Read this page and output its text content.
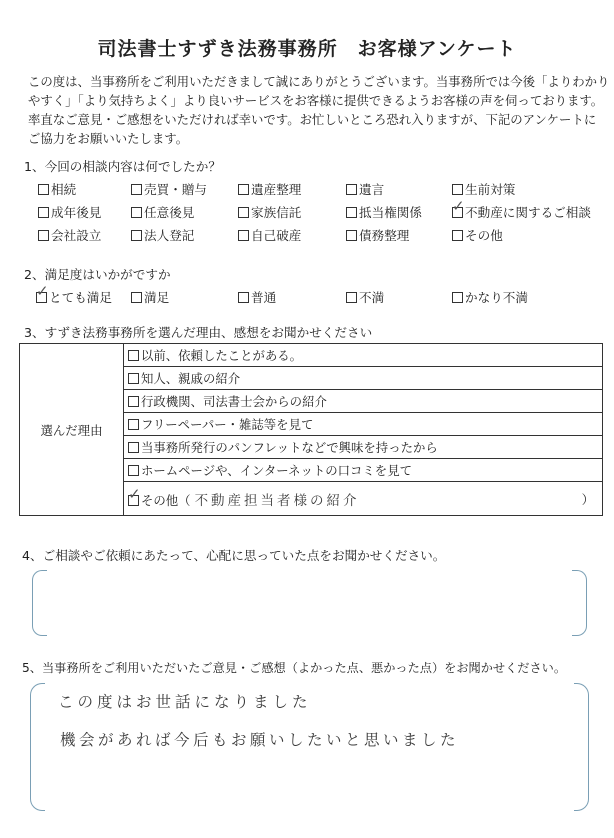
司法書士すずき法務事務所　お客様アンケート
この度は、当事務所をご利用いただきまして誠にありがとうございます。当事務所では今後「よりわかり
やすく」「より気持ちよく」より良いサービスをお客様に提供できるようお客様の声を伺っております。
率直なご意見・ご感想をいただければ幸いです。お忙しいところ恐れ入りますが、下記のアンケートに
ご協力をお願いいたします。
1、今回の相談内容は何でしたか？
相続	売買・贈与	遺産整理	遺言	生前対策
成年後見	任意後見	家族信託	抵当権関係 ✓ 不動産に関するご相談
会社設立	法人登記	自己破産	債務整理	その他
2、満足度はいかがですか
✓ とても満足	満足	普通	不満	かなり不満
3、すずき法務事務所を選んだ理由、感想をお聞かせください
選んだ理由	以前、依頼したことがある。
知人、親戚の紹介
行政機関、司法書士会からの紹介
フリーペーパー・雑誌等を見て
当事務所発行のパンフレットなどで興味を持ったから
ホームページや、インターネットの口コミを見て

✓ その他（ 不動産担当者様の紹介	）
4、ご相談やご依頼にあたって、心配に思っていた点をお聞かせください。
5、当事務所をご利用いただいたご意見・ご感想（よかった点、悪かった点）をお聞かせください。
この度はお世話になりました
機会があれば今后もお願いしたいと思いました
